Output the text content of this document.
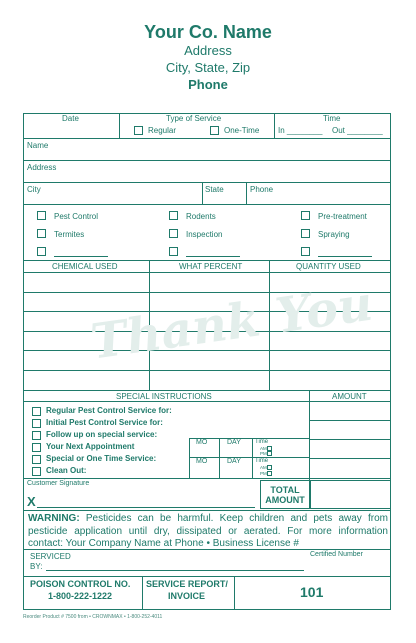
Your Co. Name
Address
City, State, Zip
Phone
Date	Type of Service
Regular	One-Time
Time
In ________ Out ________
Name
Address
City	State	Phone
Pest Control	Rodents	Pre-treatment
Termites	Inspection	Spraying
CHEMICAL USED	WHAT PERCENT	QUANTITY USED
SPECIAL INSTRUCTIONS	AMOUNT
Regular Pest Control Service for:
Initial Pest Control Service for:
Follow up on special service:
Your Next Appointment
Special or One Time Service:
Clean Out:
MO	DAY Time
AM
PM
MO	DAY Time
AM
PM
Customer Signature
X
TOTAL
AMOUNT
WARNING: Pesticides can be harmful. Keep children and pets away from pesticide application until dry, dissipated or aerated. For more information contact: Your Company Name at Phone • Business License #
SERVICED
BY:
Certified Number
POISON CONTROL NO.
1-800-222-1222
SERVICE REPORT/
INVOICE	101
Thank You
Reorder Product # 7500 from • CROWNMAX • 1-800-252-4011
